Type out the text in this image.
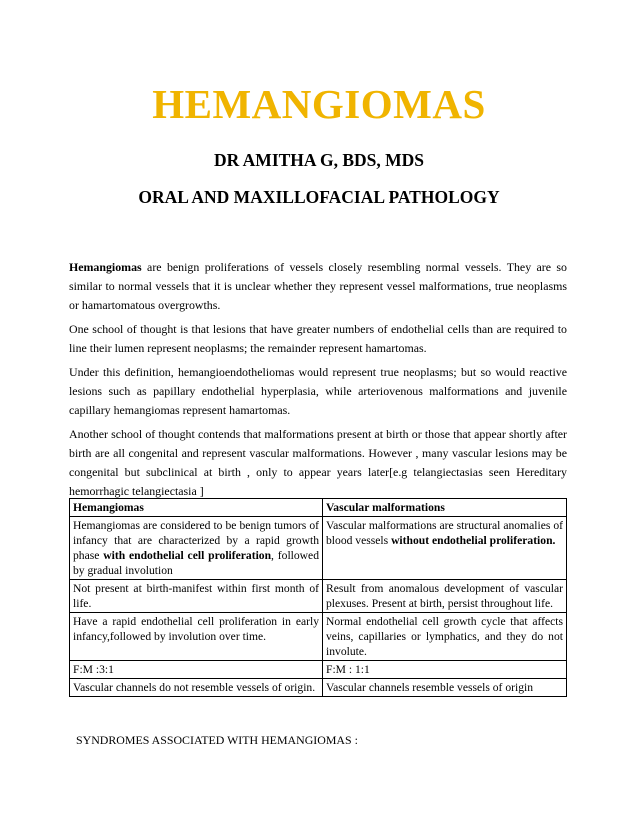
HEMANGIOMAS
DR AMITHA G, BDS, MDS
ORAL AND MAXILLOFACIAL PATHOLOGY

Hemangiomas are benign proliferations of vessels closely resembling normal vessels. They are so similar to normal vessels that it is unclear whether they represent vessel malformations, true neoplasms or hamartomatous overgrowths.

One school of thought is that lesions that have greater numbers of endothelial cells than are required to line their lumen represent neoplasms; the remainder represent hamartomas.

Under this definition, hemangioendotheliomas would represent true neoplasms; but so would reactive lesions such as papillary endothelial hyperplasia, while arteriovenous malformations and juvenile capillary hemangiomas represent hamartomas.

Another school of thought contends that malformations present at birth or those that appear shortly after birth are all congenital and represent vascular malformations. However , many vascular lesions may be congenital but subclinical at birth , only to appear years later[e.g telangiectasias seen Hereditary hemorrhagic telangiectasia ]

Hemangiomas	Vascular malformations
Hemangiomas are considered to be benign tumors of infancy that are characterized by a rapid growth phase with endothelial cell proliferation, followed by gradual involution	Vascular malformations are structural anomalies of blood vessels without endothelial proliferation.
Not present at birth-manifest within first month of life.	Result from anomalous development of vascular plexuses. Present at birth, persist throughout life.
Have a rapid endothelial cell proliferation in early infancy,followed by involution over time.	Normal endothelial cell growth cycle that affects veins, capillaries or lymphatics, and they do not involute.
F:M :3:1	F:M : 1:1
Vascular channels do not resemble vessels of origin.	Vascular channels resemble vessels of origin
SYNDROMES ASSOCIATED WITH HEMANGIOMAS :
